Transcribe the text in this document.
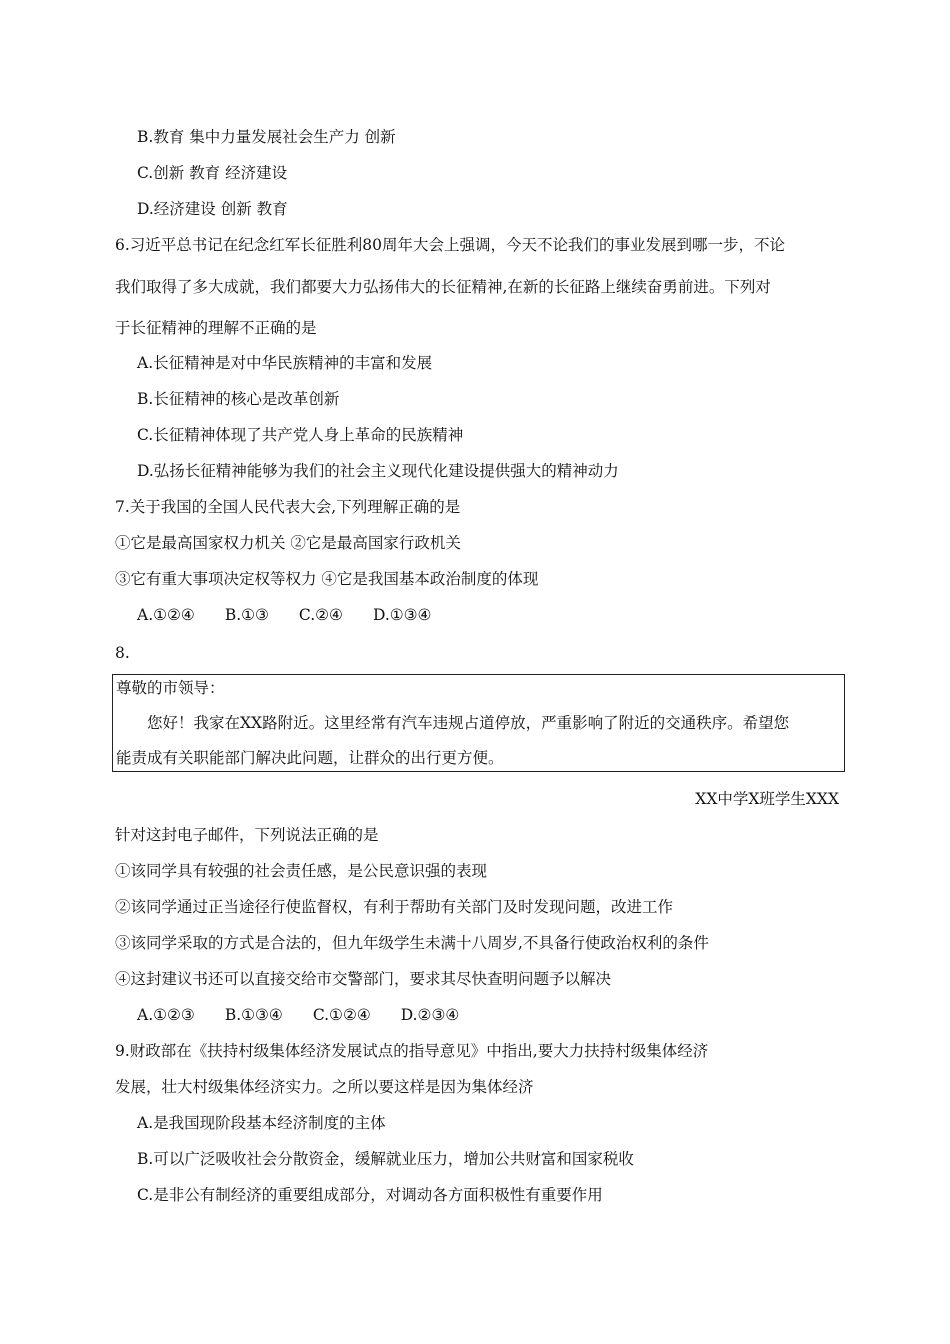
B.教育 集中力量发展社会生产力 创新
C.创新 教育 经济建设
D.经济建设 创新 教育
6.习近平总书记在纪念红军长征胜利80周年大会上强调，今天不论我们的事业发展到哪一步，不论
我们取得了多大成就，我们都要大力弘扬伟大的长征精神,在新的长征路上继续奋勇前进。下列对
于长征精神的理解不正确的是
A.长征精神是对中华民族精神的丰富和发展
B.长征精神的核心是改革创新
C.长征精神体现了共产党人身上革命的民族精神
D.弘扬长征精神能够为我们的社会主义现代化建设提供强大的精神动力
7.关于我国的全国人民代表大会,下列理解正确的是
①它是最高国家权力机关 ②它是最高国家行政机关
③它有重大事项决定权等权力 ④它是我国基本政治制度的体现
A.①②④ B.①③ C.②④ D.①③④
8.
尊敬的市领导：
您好！我家在XX路附近。这里经常有汽车违规占道停放，严重影响了附近的交通秩序。希望您
能责成有关职能部门解决此问题，让群众的出行更方便。
XX中学X班学生XXX
针对这封电子邮件，下列说法正确的是
①该同学具有较强的社会责任感，是公民意识强的表现
②该同学通过正当途径行使监督权，有利于帮助有关部门及时发现问题，改进工作
③该同学采取的方式是合法的，但九年级学生未满十八周岁,不具备行使政治权利的条件
④这封建议书还可以直接交给市交警部门，要求其尽快查明问题予以解决
A.①②③ B.①③④ C.①②④ D.②③④
9.财政部在《扶持村级集体经济发展试点的指导意见》中指出,要大力扶持村级集体经济
发展，壮大村级集体经济实力。之所以要这样是因为集体经济
A.是我国现阶段基本经济制度的主体
B.可以广泛吸收社会分散资金，缓解就业压力，增加公共财富和国家税收
C.是非公有制经济的重要组成部分，对调动各方面积极性有重要作用
